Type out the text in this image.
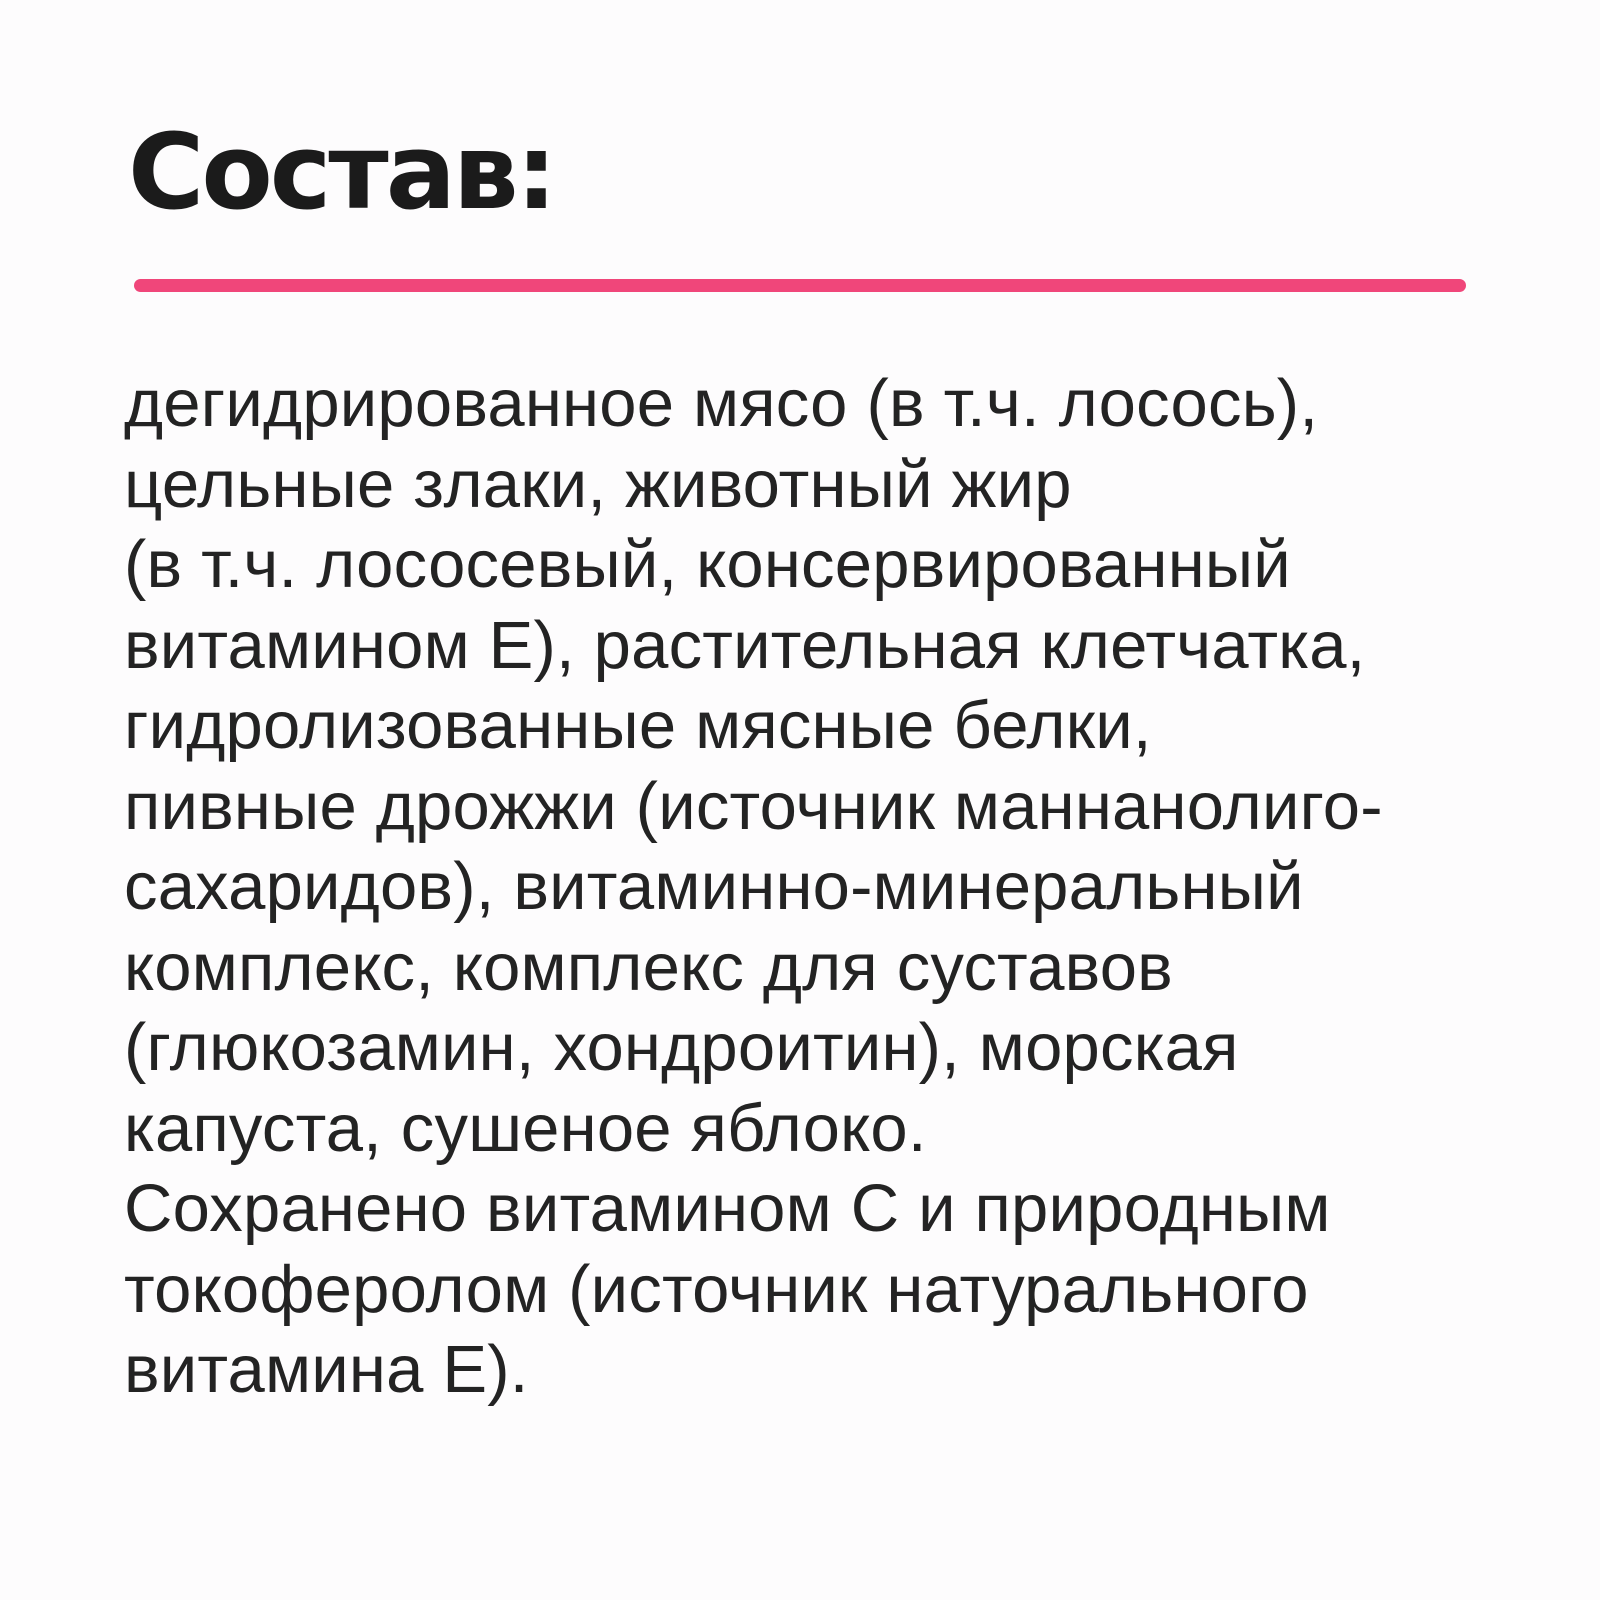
Состав:
дегидрированное мясо (в т.ч. лосось),
цельные злаки, животный жир
(в т.ч. лососевый, консервированный
витамином Е), растительная клетчатка,
гидролизованные мясные белки,
пивные дрожжи (источник маннанолиго-
сахаридов), витаминно-минеральный
комплекс, комплекс для суставов
(глюкозамин, хондроитин), морская
капуста, сушеное яблоко.
Сохранено витамином С и природным
токоферолом (источник натурального
витамина Е).
